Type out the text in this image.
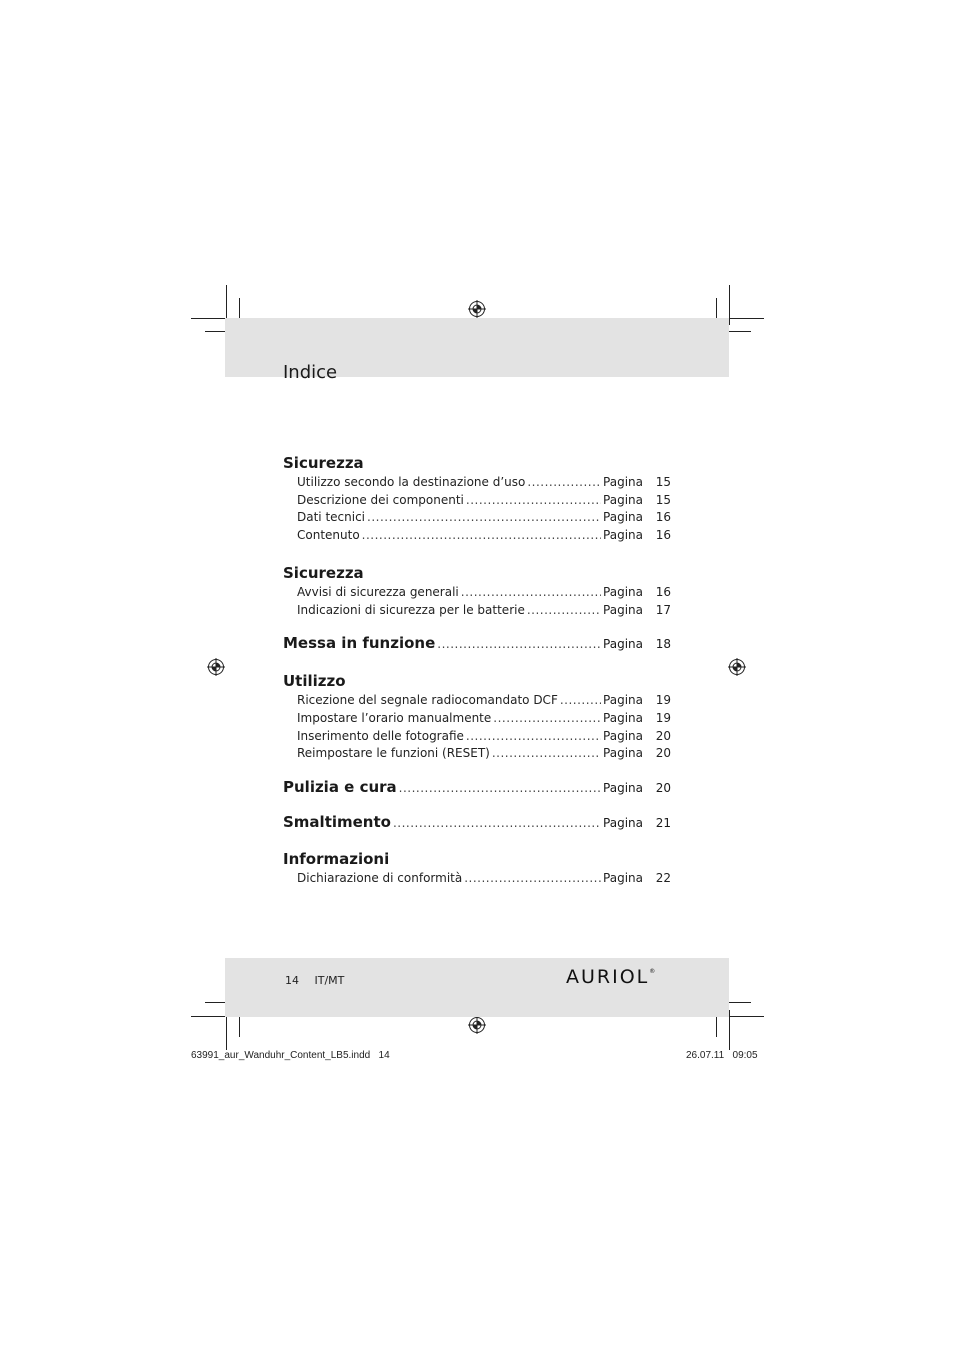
Indice
Sicurezza
Utilizzo secondo la destinazione d’uso .....	Pagina	15
Descrizione dei componenti .....	Pagina	15
Dati tecnici .....	Pagina	16
Contenuto .....	Pagina	16
Sicurezza
Avvisi di sicurezza generali .....	Pagina	16
Indicazioni di sicurezza per le batterie .....	Pagina	17
Messa in funzione .....	Pagina	18
Utilizzo
Ricezione del segnale radiocomandato DCF .....	Pagina	19
Impostare l’orario manualmente .....	Pagina	19
Inserimento delle fotografie .....	Pagina	20
Reimpostare le funzioni (RESET) .....	Pagina	20
Pulizia e cura .....	Pagina	20
Smaltimento .....	Pagina	21
Informazioni
Dichiarazione di conformità .....	Pagina	22
14 IT/MT	AURIOL®
63991_aur_Wanduhr_Content_LB5.indd   14	26.07.11   09:05
